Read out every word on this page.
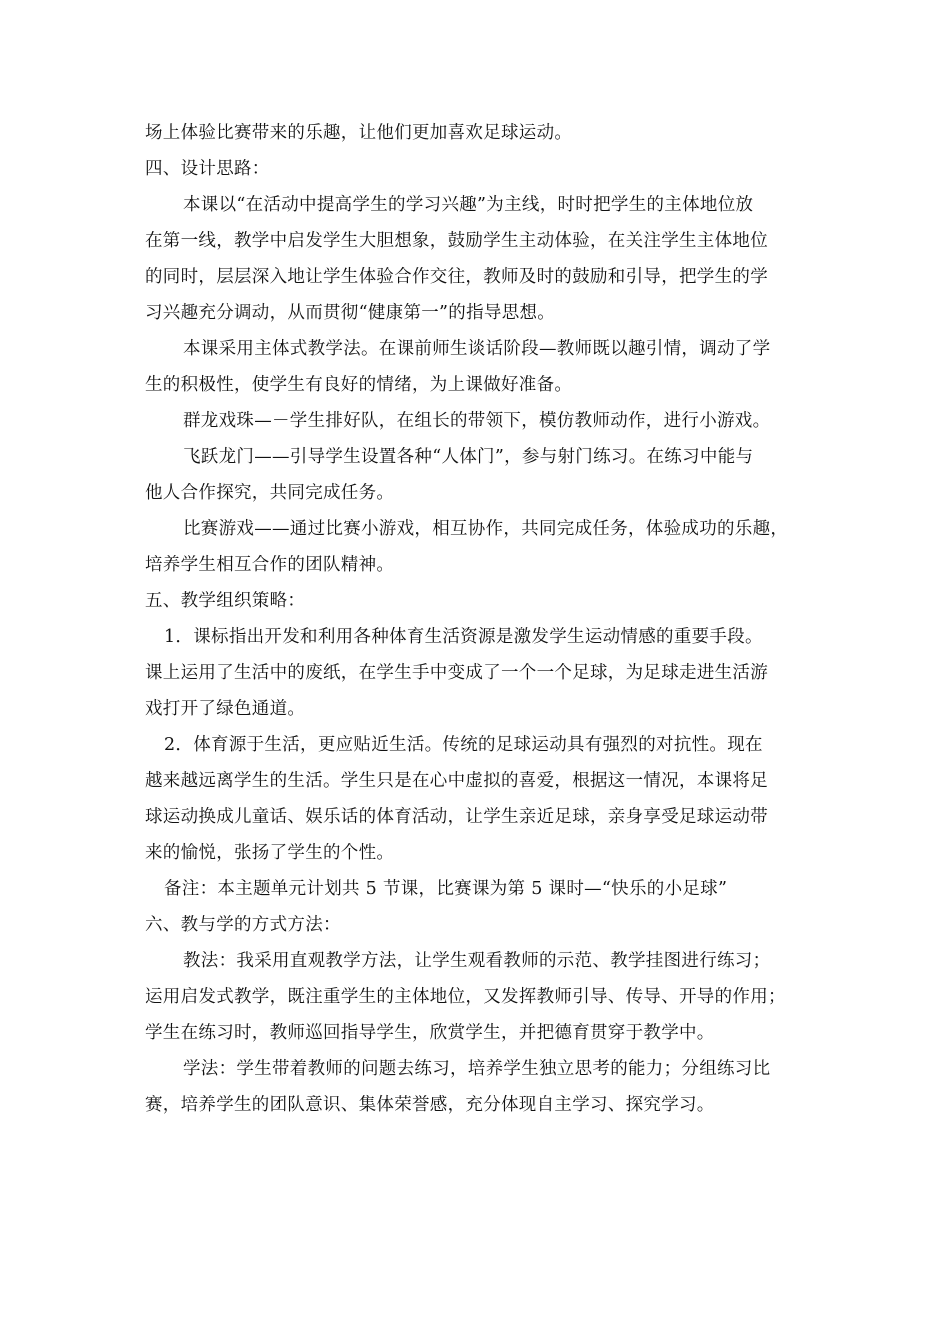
场上体验比赛带来的乐趣，让他们更加喜欢足球运动。
四、设计思路：
本课以“在活动中提高学生的学习兴趣”为主线，时时把学生的主体地位放
在第一线，教学中启发学生大胆想象，鼓励学生主动体验，在关注学生主体地位
的同时，层层深入地让学生体验合作交往，教师及时的鼓励和引导，把学生的学
习兴趣充分调动，从而贯彻“健康第一”的指导思想。
本课采用主体式教学法。在课前师生谈话阶段—教师既以趣引情，调动了学
生的积极性，使学生有良好的情绪，为上课做好准备。
群龙戏珠—－学生排好队，在组长的带领下，模仿教师动作，进行小游戏。
飞跃龙门——引导学生设置各种“人体门”，参与射门练习。在练习中能与
他人合作探究，共同完成任务。
比赛游戏——通过比赛小游戏，相互协作，共同完成任务，体验成功的乐趣，
培养学生相互合作的团队精神。
五、教学组织策略：
1．课标指出开发和利用各种体育生活资源是激发学生运动情感的重要手段。
课上运用了生活中的废纸，在学生手中变成了一个一个足球，为足球走进生活游
戏打开了绿色通道。
2．体育源于生活，更应贴近生活。传统的足球运动具有强烈的对抗性。现在
越来越远离学生的生活。学生只是在心中虚拟的喜爱，根据这一情况，本课将足
球运动换成儿童话、娱乐话的体育活动，让学生亲近足球，亲身享受足球运动带
来的愉悦，张扬了学生的个性。
备注：本主题单元计划共 5 节课，比赛课为第 5 课时—“快乐的小足球”
六、教与学的方式方法：
教法：我采用直观教学方法，让学生观看教师的示范、教学挂图进行练习；
运用启发式教学，既注重学生的主体地位，又发挥教师引导、传导、开导的作用；
学生在练习时，教师巡回指导学生，欣赏学生，并把德育贯穿于教学中。
学法：学生带着教师的问题去练习，培养学生独立思考的能力；分组练习比
赛，培养学生的团队意识、集体荣誉感，充分体现自主学习、探究学习。
